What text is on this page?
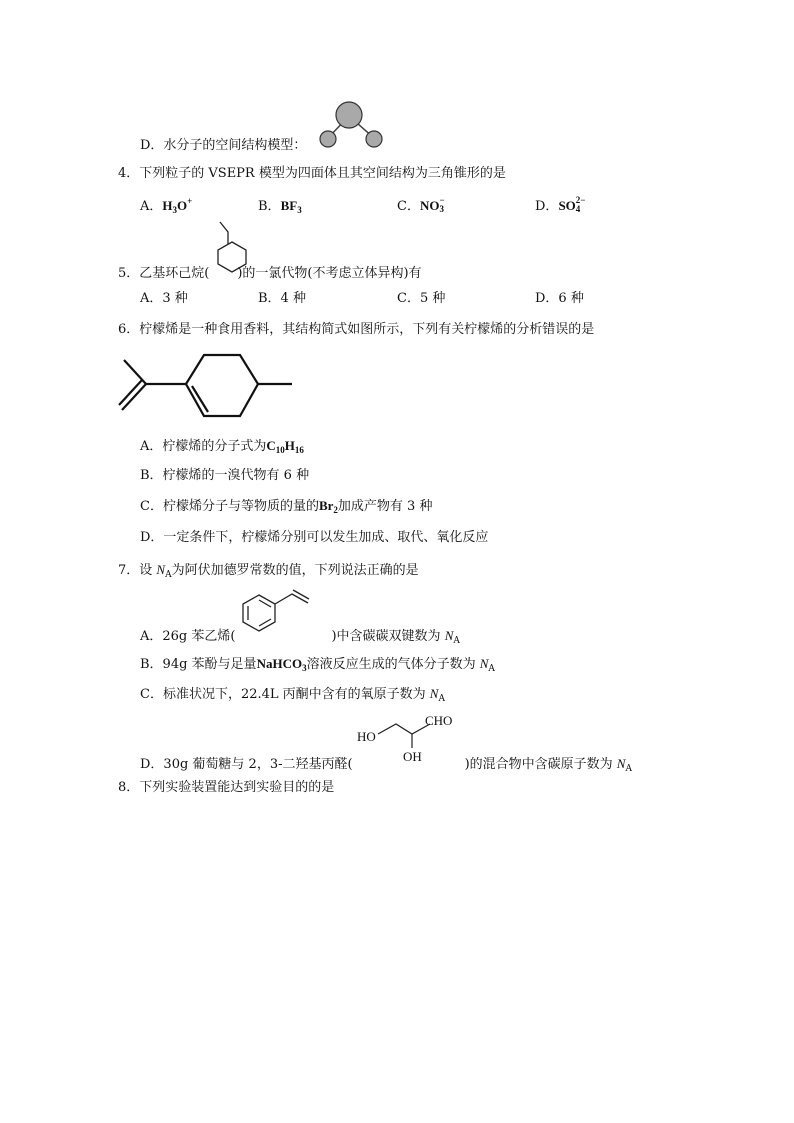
D．水分子的空间结构模型：
4．下列粒子的 VSEPR 模型为四面体且其空间结构为三角锥形的是
A．$H_3O^+$	B．$BF_3$	C．NO −
3
	D．SO 2−
4

5．乙基环己烷( )的一氯代物(不考虑立体异构)有
A．3 种	B．4 种	C．5 种	D．6 种
6．柠檬烯是一种食用香料，其结构简式如图所示，下列有关柠檬烯的分析错误的是
A．柠檬烯的分子式为$C_{10}H_{16}$
B．柠檬烯的一溴代物有 6 种
C．柠檬烯分子与等物质的量的$Br_2$加成产物有 3 种
D．一定条件下，柠檬烯分别可以发生加成、取代、氧化反应
7．设 $N_A$为阿伏加德罗常数的值，下列说法正确的是
A．26g 苯乙烯(	)中含碳碳双键数为 $N_A$
B．94g 苯酚与足量NaHCO$_3$溶液反应生成的气体分子数为 $N_A$
C．标准状况下，22.4L 丙酮中含有的氧原子数为 $N_A$
HO
OH
CHO
D．30g 葡萄糖与 2，3-二羟基丙醛(	)的混合物中含碳原子数为 $N_A$
8．下列实验装置能达到实验目的的是
